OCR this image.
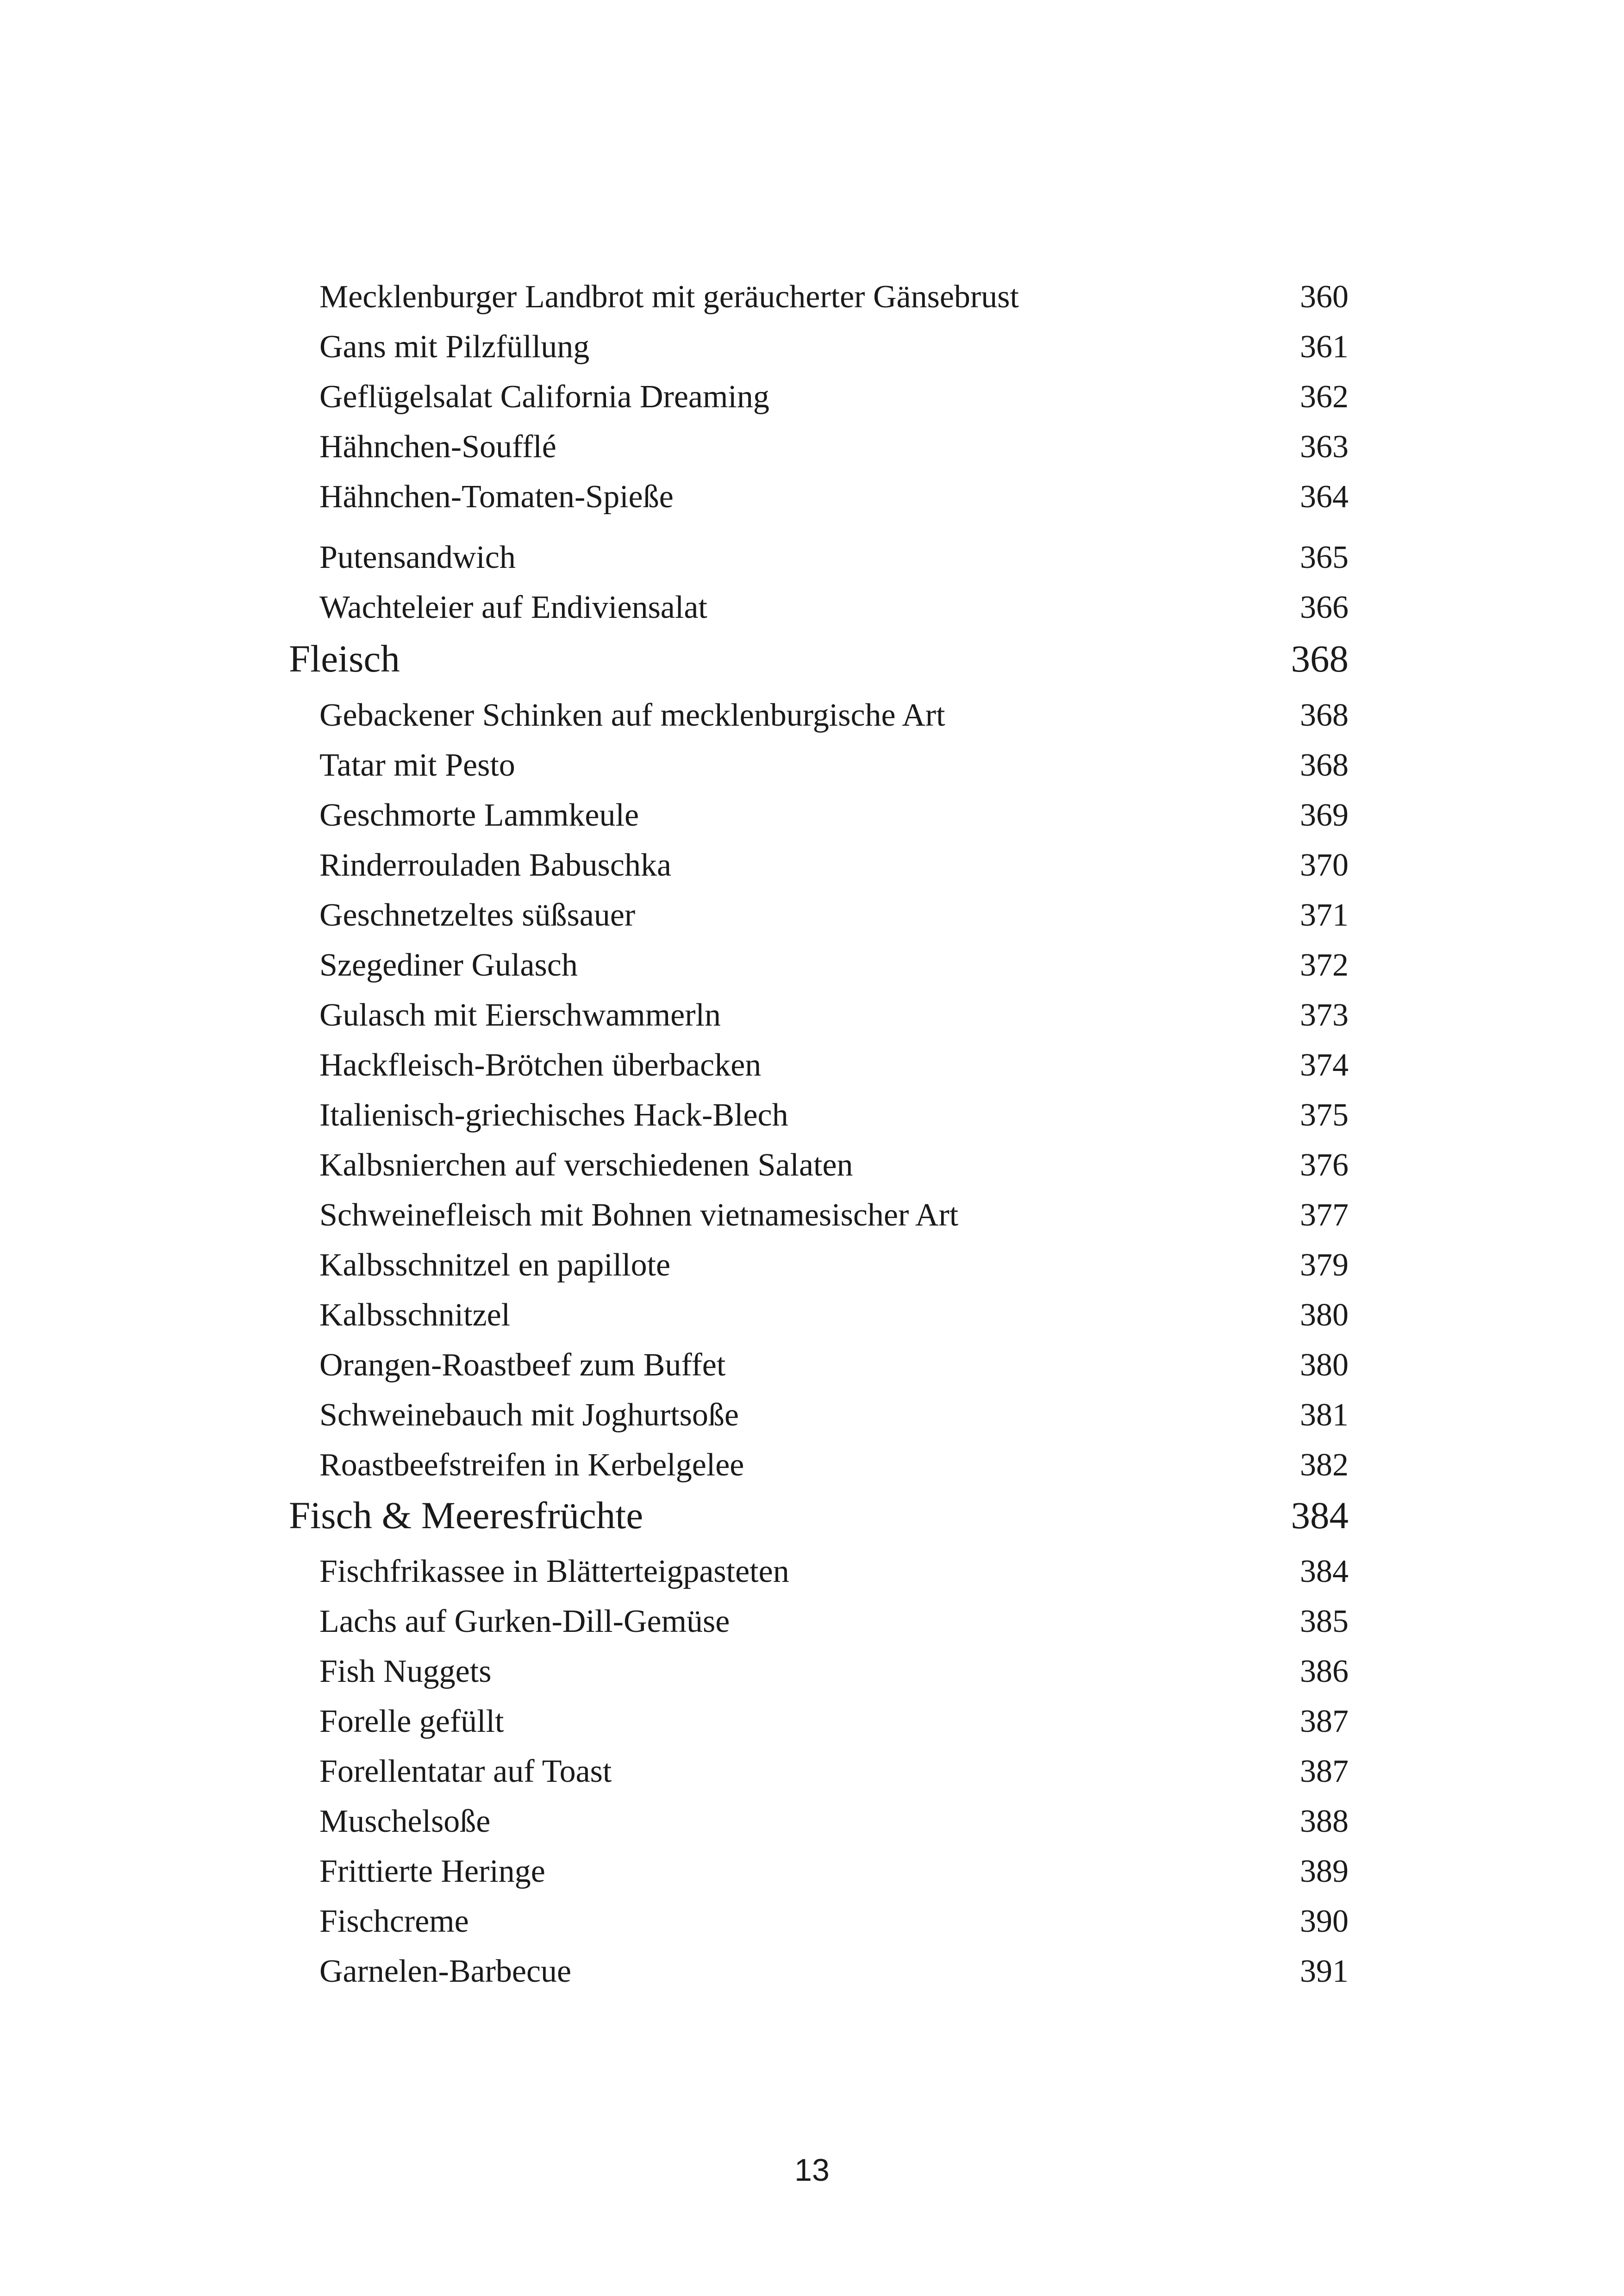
Mecklenburger Landbrot mit geräucherter Gänsebrust	360
Gans mit Pilzfüllung	361
Geflügelsalat California Dreaming	362
Hähnchen-Soufflé	363
Hähnchen-Tomaten-Spieße	364
Putensandwich	365
Wachteleier auf Endiviensalat	366
Fleisch	368
Gebackener Schinken auf mecklenburgische Art	368
Tatar mit Pesto	368
Geschmorte Lammkeule	369
Rinderrouladen Babuschka	370
Geschnetzeltes süßsauer	371
Szegediner Gulasch	372
Gulasch mit Eierschwammerln	373
Hackfleisch-Brötchen überbacken	374
Italienisch-griechisches Hack-Blech	375
Kalbsnierchen auf verschiedenen Salaten	376
Schweinefleisch mit Bohnen vietnamesischer Art	377
Kalbsschnitzel en papillote	379
Kalbsschnitzel	380
Orangen-Roastbeef zum Buffet	380
Schweinebauch mit Joghurtsoße	381
Roastbeefstreifen in Kerbelgelee	382
Fisch & Meeresfrüchte	384
Fischfrikassee in Blätterteigpasteten	384
Lachs auf Gurken-Dill-Gemüse	385
Fish Nuggets	386
Forelle gefüllt	387
Forellentatar auf Toast	387
Muschelsoße	388
Frittierte Heringe	389
Fischcreme	390
Garnelen-Barbecue	391
13
